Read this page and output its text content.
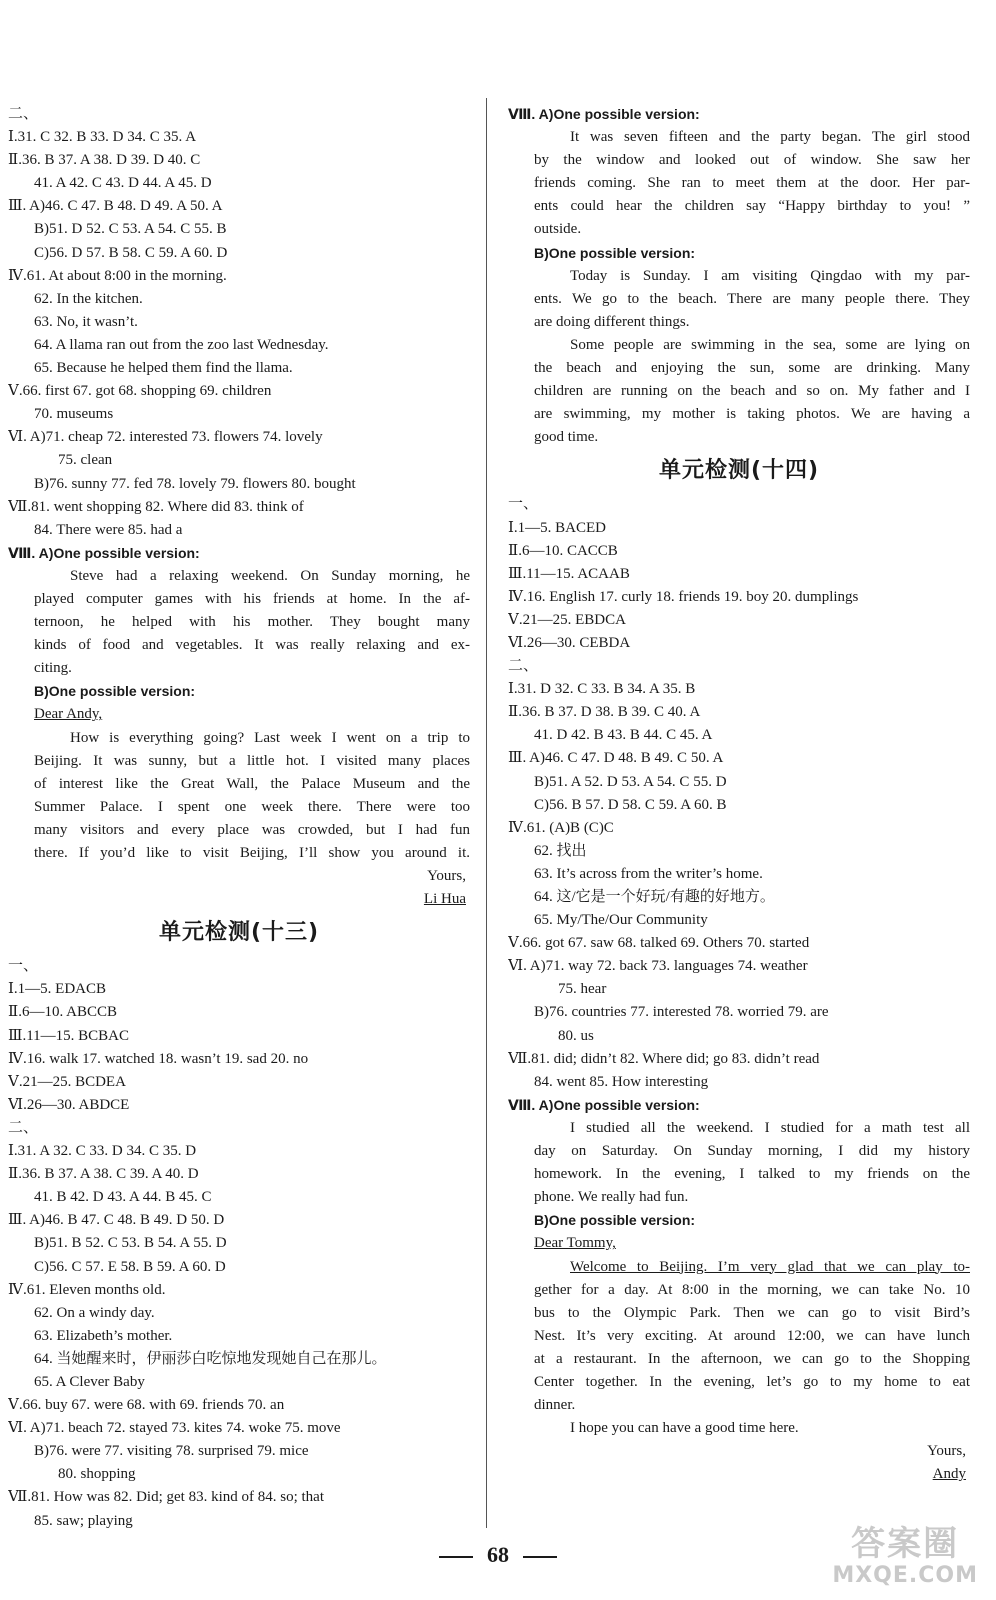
二、
Ⅰ.31. C 32. B 33. D 34. C 35. A
Ⅱ.36. B 37. A 38. D 39. D 40. C
41. A 42. C 43. D 44. A 45. D
Ⅲ. A)46. C 47. B 48. D 49. A 50. A
B)51. D 52. C 53. A 54. C 55. B
C)56. D 57. B 58. C 59. A 60. D
Ⅳ.61. At about 8:00 in the morning.
62. In the kitchen.
63. No, it wasn’t.
64. A llama ran out from the zoo last Wednesday.
65. Because he helped them find the llama.
Ⅴ.66. first 67. got 68. shopping 69. children
70. museums
Ⅵ. A)71. cheap 72. interested 73. flowers 74. lovely
75. clean
B)76. sunny 77. fed 78. lovely 79. flowers 80. bought
Ⅶ.81. went shopping 82. Where did 83. think of
84. There were 85. had a
Ⅷ. A)One possible version:
Steve had a relaxing weekend. On Sunday morning, he
played computer games with his friends at home. In the af-
ternoon, he helped with his mother. They bought many
kinds of food and vegetables. It was really relaxing and ex-
citing.
B)One possible version:
Dear Andy,
How is everything going? Last week I went on a trip to
Beijing. It was sunny, but a little hot. I visited many places
of interest like the Great Wall, the Palace Museum and the
Summer Palace. I spent one week there. There were too
many visitors and every place was crowded, but I had fun
there. If you’d like to visit Beijing, I’ll show you around it.
Yours,
Li Hua
单元检测(十三)
一、
Ⅰ.1—5. EDACB
Ⅱ.6—10. ABCCB
Ⅲ.11—15. BCBAC
Ⅳ.16. walk 17. watched 18. wasn’t 19. sad 20. no
Ⅴ.21—25. BCDEA
Ⅵ.26—30. ABDCE
二、
Ⅰ.31. A 32. C 33. D 34. C 35. D
Ⅱ.36. B 37. A 38. C 39. A 40. D
41. B 42. D 43. A 44. B 45. C
Ⅲ. A)46. B 47. C 48. B 49. D 50. D
B)51. B 52. C 53. B 54. A 55. D
C)56. C 57. E 58. B 59. A 60. D
Ⅳ.61. Eleven months old.
62. On a windy day.
63. Elizabeth’s mother.
64. 当她醒来时，伊丽莎白吃惊地发现她自己在那儿。
65. A Clever Baby
Ⅴ.66. buy 67. were 68. with 69. friends 70. an
Ⅵ. A)71. beach 72. stayed 73. kites 74. woke 75. move
B)76. were 77. visiting 78. surprised 79. mice
80. shopping
Ⅶ.81. How was 82. Did; get 83. kind of 84. so; that
85. saw; playing
Ⅷ. A)One possible version:
It was seven fifteen and the party began. The girl stood
by the window and looked out of window. She saw her
friends coming. She ran to meet them at the door. Her par-
ents could hear the children say “Happy birthday to you! ”
outside.
B)One possible version:
Today is Sunday. I am visiting Qingdao with my par-
ents. We go to the beach. There are many people there. They
are doing different things.
Some people are swimming in the sea, some are lying on
the beach and enjoying the sun, some are drinking. Many
children are running on the beach and so on. My father and I
are swimming, my mother is taking photos. We are having a
good time.
单元检测(十四)
一、
Ⅰ.1—5. BACED
Ⅱ.6—10. CACCB
Ⅲ.11—15. ACAAB
Ⅳ.16. English 17. curly 18. friends 19. boy 20. dumplings
Ⅴ.21—25. EBDCA
Ⅵ.26—30. CEBDA
二、
Ⅰ.31. D 32. C 33. B 34. A 35. B
Ⅱ.36. B 37. D 38. B 39. C 40. A
41. D 42. B 43. B 44. C 45. A
Ⅲ. A)46. C 47. D 48. B 49. C 50. A
B)51. A 52. D 53. A 54. C 55. D
C)56. B 57. D 58. C 59. A 60. B
Ⅳ.61. (A)B (C)C
62. 找出
63. It’s across from the writer’s home.
64. 这/它是一个好玩/有趣的好地方。
65. My/The/Our Community
Ⅴ.66. got 67. saw 68. talked 69. Others 70. started
Ⅵ. A)71. way 72. back 73. languages 74. weather
75. hear
B)76. countries 77. interested 78. worried 79. are
80. us
Ⅶ.81. did; didn’t 82. Where did; go 83. didn’t read
84. went 85. How interesting
Ⅷ. A)One possible version:
I studied all the weekend. I studied for a math test all
day on Saturday. On Sunday morning, I did my history
homework. In the evening, I talked to my friends on the
phone. We really had fun.
B)One possible version:
Dear Tommy,
Welcome to Beijing. I’m very glad that we can play to-
gether for a day. At 8:00 in the morning, we can take No. 10
bus to the Olympic Park. Then we can go to visit Bird’s
Nest. It’s very exciting. At around 12:00, we can have lunch
at a restaurant. In the afternoon, we can go to the Shopping
Center together. In the evening, let’s go to my home to eat
dinner.
I hope you can have a good time here.
Yours,
Andy
68	答案圈
MXQE.COM
